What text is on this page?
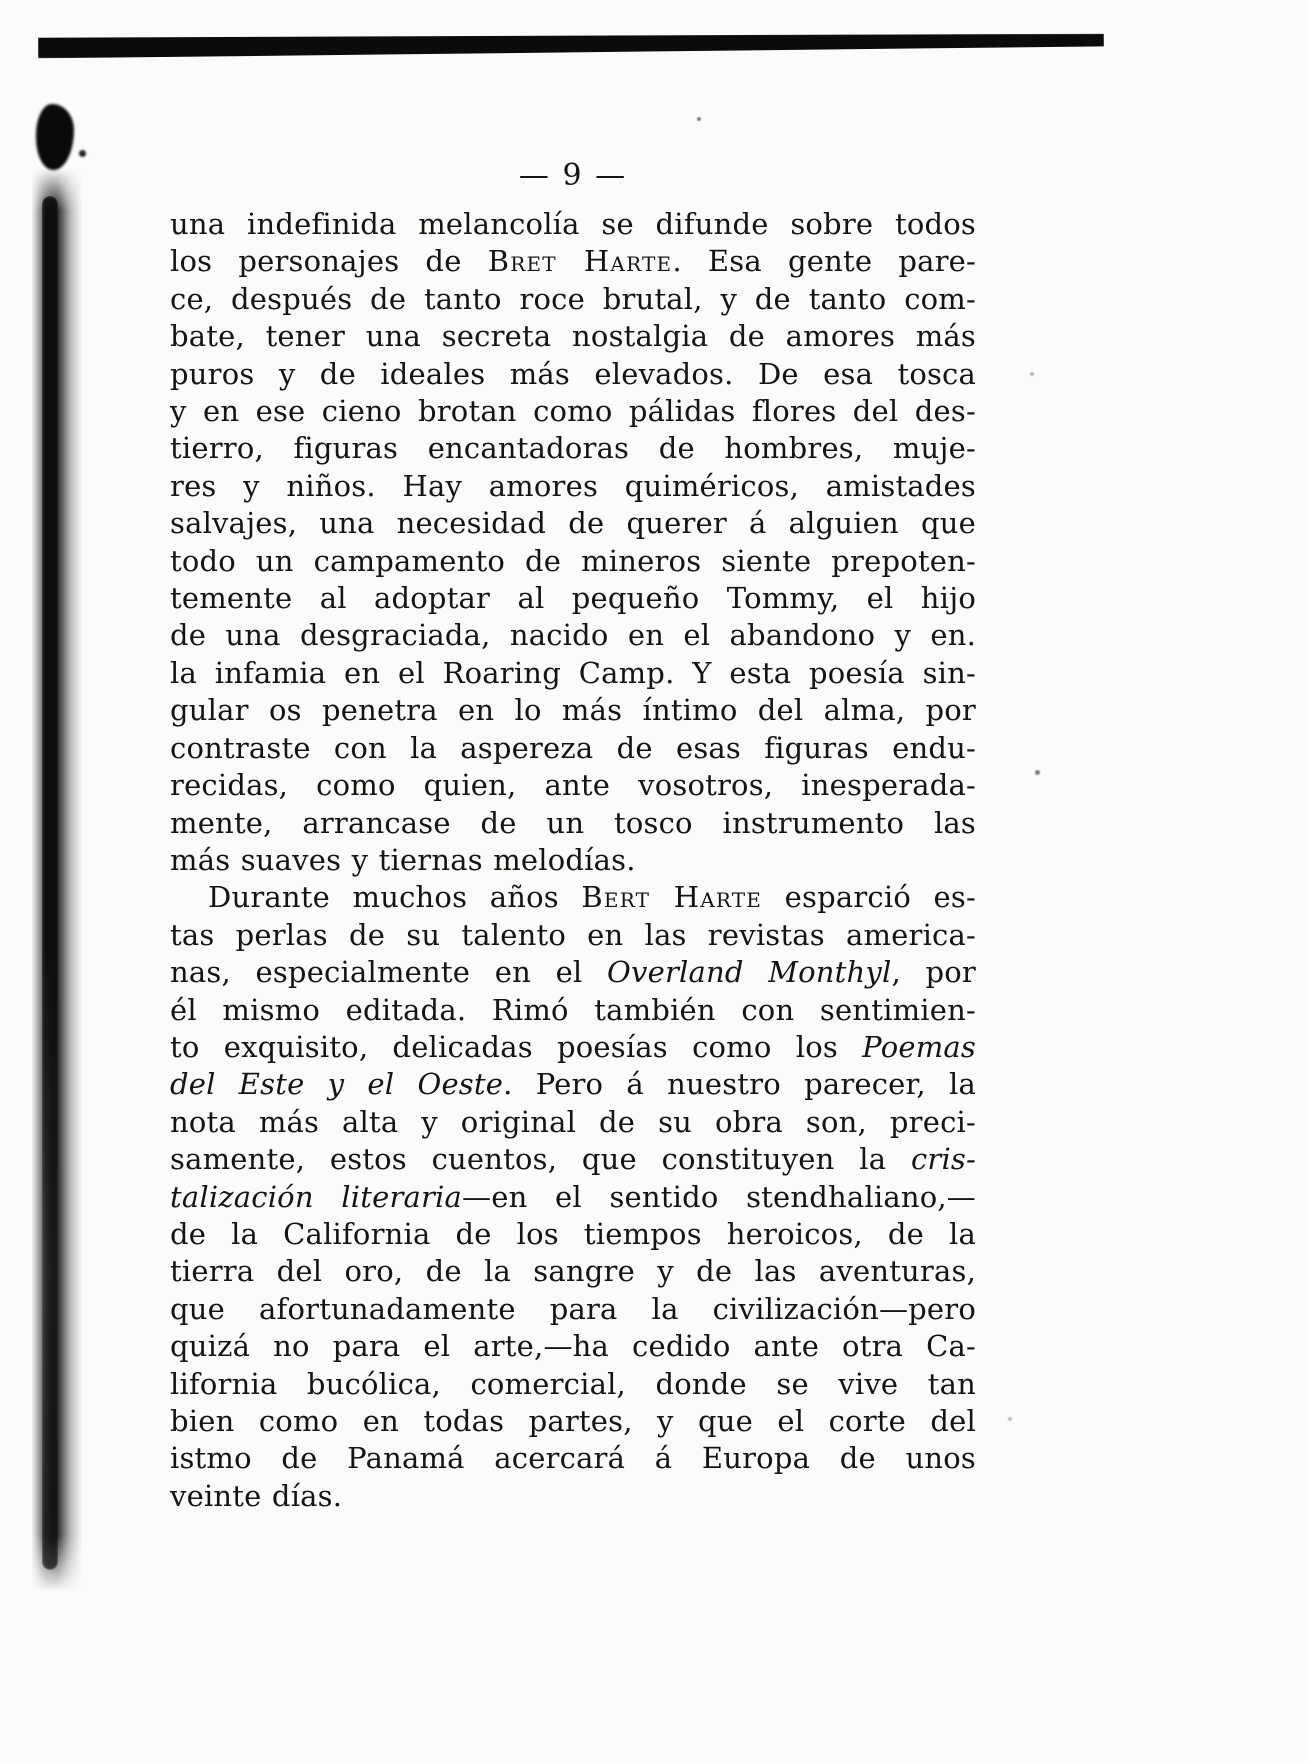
— 9 —
una indefinida melancolía se difunde sobre todos
los personajes de Bret Harte. Esa gente pare-
ce, después de tanto roce brutal, y de tanto com-
bate, tener una secreta nostalgia de amores más
puros y de ideales más elevados. De esa tosca
y en ese cieno brotan como pálidas flores del des-
tierro, figuras encantadoras de hombres, muje-
res y niños. Hay amores quiméricos, amistades
salvajes, una necesidad de querer á alguien que
todo un campamento de mineros siente prepoten-
temente al adoptar al pequeño Tommy, el hijo
de una desgraciada, nacido en el abandono y en.
la infamia en el Roaring Camp. Y esta poesía sin-
gular os penetra en lo más íntimo del alma, por
contraste con la aspereza de esas figuras endu-
recidas, como quien, ante vosotros, inesperada-
mente, arrancase de un tosco instrumento las
más suaves y tiernas melodías.
Durante muchos años Bert Harte esparció es-
tas perlas de su talento en las revistas america-
nas, especialmente en el Overland Monthyl, por
él mismo editada. Rimó también con sentimien-
to exquisito, delicadas poesías como los Poemas
del Este y el Oeste. Pero á nuestro parecer, la
nota más alta y original de su obra son, preci-
samente, estos cuentos, que constituyen la cris-
talización literaria—en el sentido stendhaliano,—
de la California de los tiempos heroicos, de la
tierra del oro, de la sangre y de las aventuras,
que afortunadamente para la civilización—pero
quizá no para el arte,—ha cedido ante otra Ca-
lifornia bucólica, comercial, donde se vive tan
bien como en todas partes, y que el corte del
istmo de Panamá acercará á Europa de unos
veinte días.
